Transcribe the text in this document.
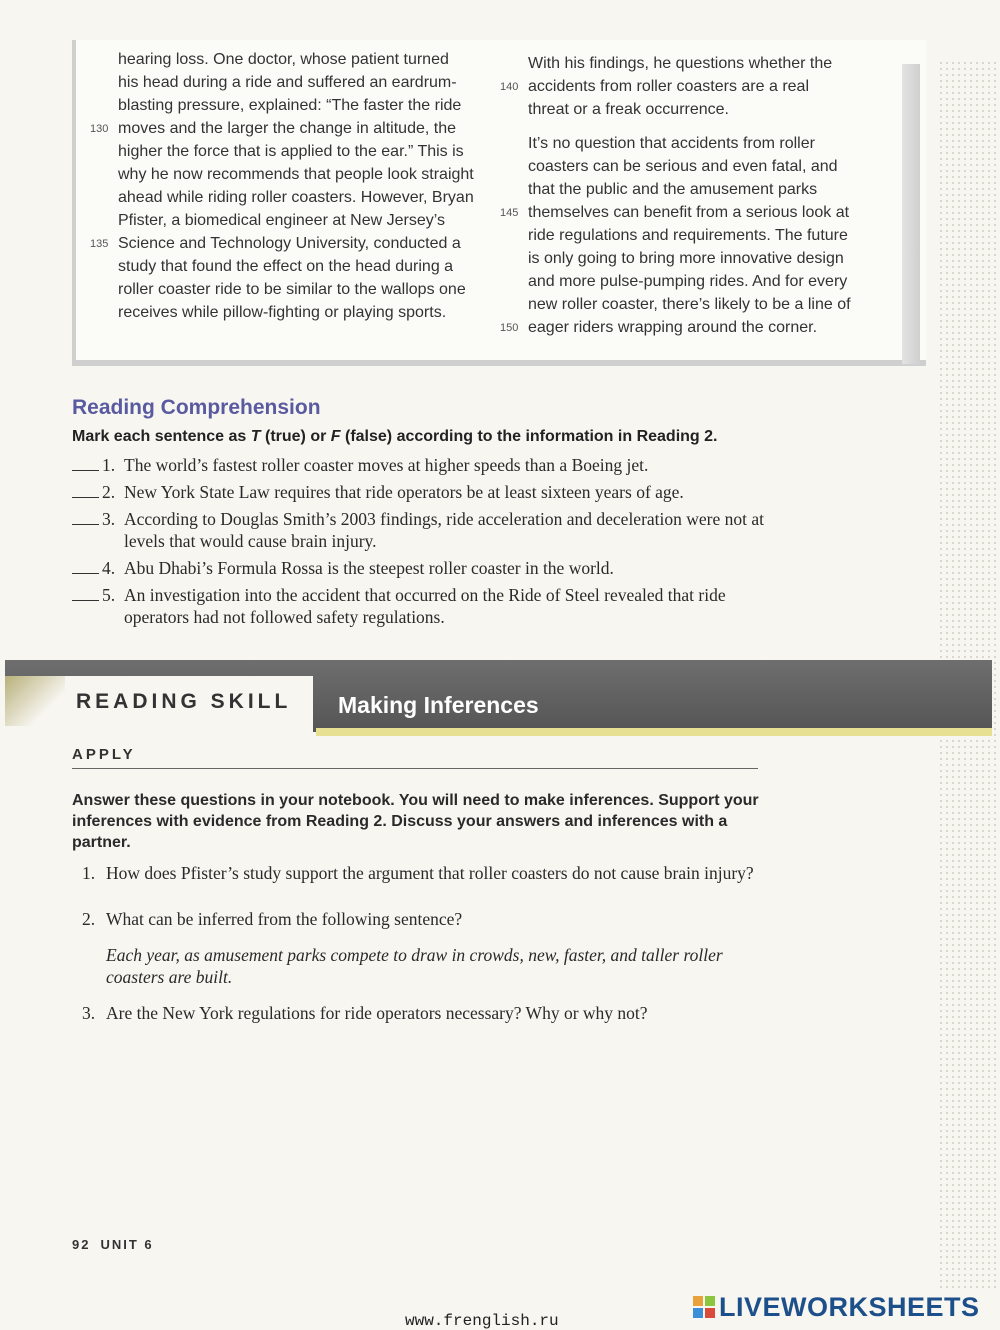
hearing loss. One doctor, whose patient turned
his head during a ride and suffered an eardrum-
blasting pressure, explained: “The faster the ride
130 moves and the larger the change in altitude, the
higher the force that is applied to the ear.” This is
why he now recommends that people look straight
ahead while riding roller coasters. However, Bryan
Pfister, a biomedical engineer at New Jersey’s
135 Science and Technology University, conducted a
study that found the effect on the head during a
roller coaster ride to be similar to the wallops one
receives while pillow-fighting or playing sports.
With his findings, he questions whether the
140 accidents from roller coasters are a real
threat or a freak occurrence.
It’s no question that accidents from roller
coasters can be serious and even fatal, and
that the public and the amusement parks
145 themselves can benefit from a serious look at
ride regulations and requirements. The future
is only going to bring more innovative design
and more pulse-pumping rides. And for every
new roller coaster, there’s likely to be a line of
150 eager riders wrapping around the corner.
Reading Comprehension
Mark each sentence as T (true) or F (false) according to the information in Reading 2.
1. The world’s fastest roller coaster moves at higher speeds than a Boeing jet.
2. New York State Law requires that ride operators be at least sixteen years of age.
3. According to Douglas Smith’s 2003 findings, ride acceleration and deceleration were not at levels that would cause brain injury.
4. Abu Dhabi’s Formula Rossa is the steepest roller coaster in the world.
5. An investigation into the accident that occurred on the Ride of Steel revealed that ride operators had not followed safety regulations.
READING SKILL Making Inferences
APPLY
Answer these questions in your notebook. You will need to make inferences. Support your inferences with evidence from Reading 2. Discuss your answers and inferences with a partner.
1. How does Pfister’s study support the argument that roller coasters do not cause brain injury?
2. What can be inferred from the following sentence?
Each year, as amusement parks compete to draw in crowds, new, faster, and taller roller coasters are built.
3. Are the New York regulations for ride operators necessary? Why or why not?
92 UNIT 6
www.frenglish.ru	LIVEWORKSHEETS
